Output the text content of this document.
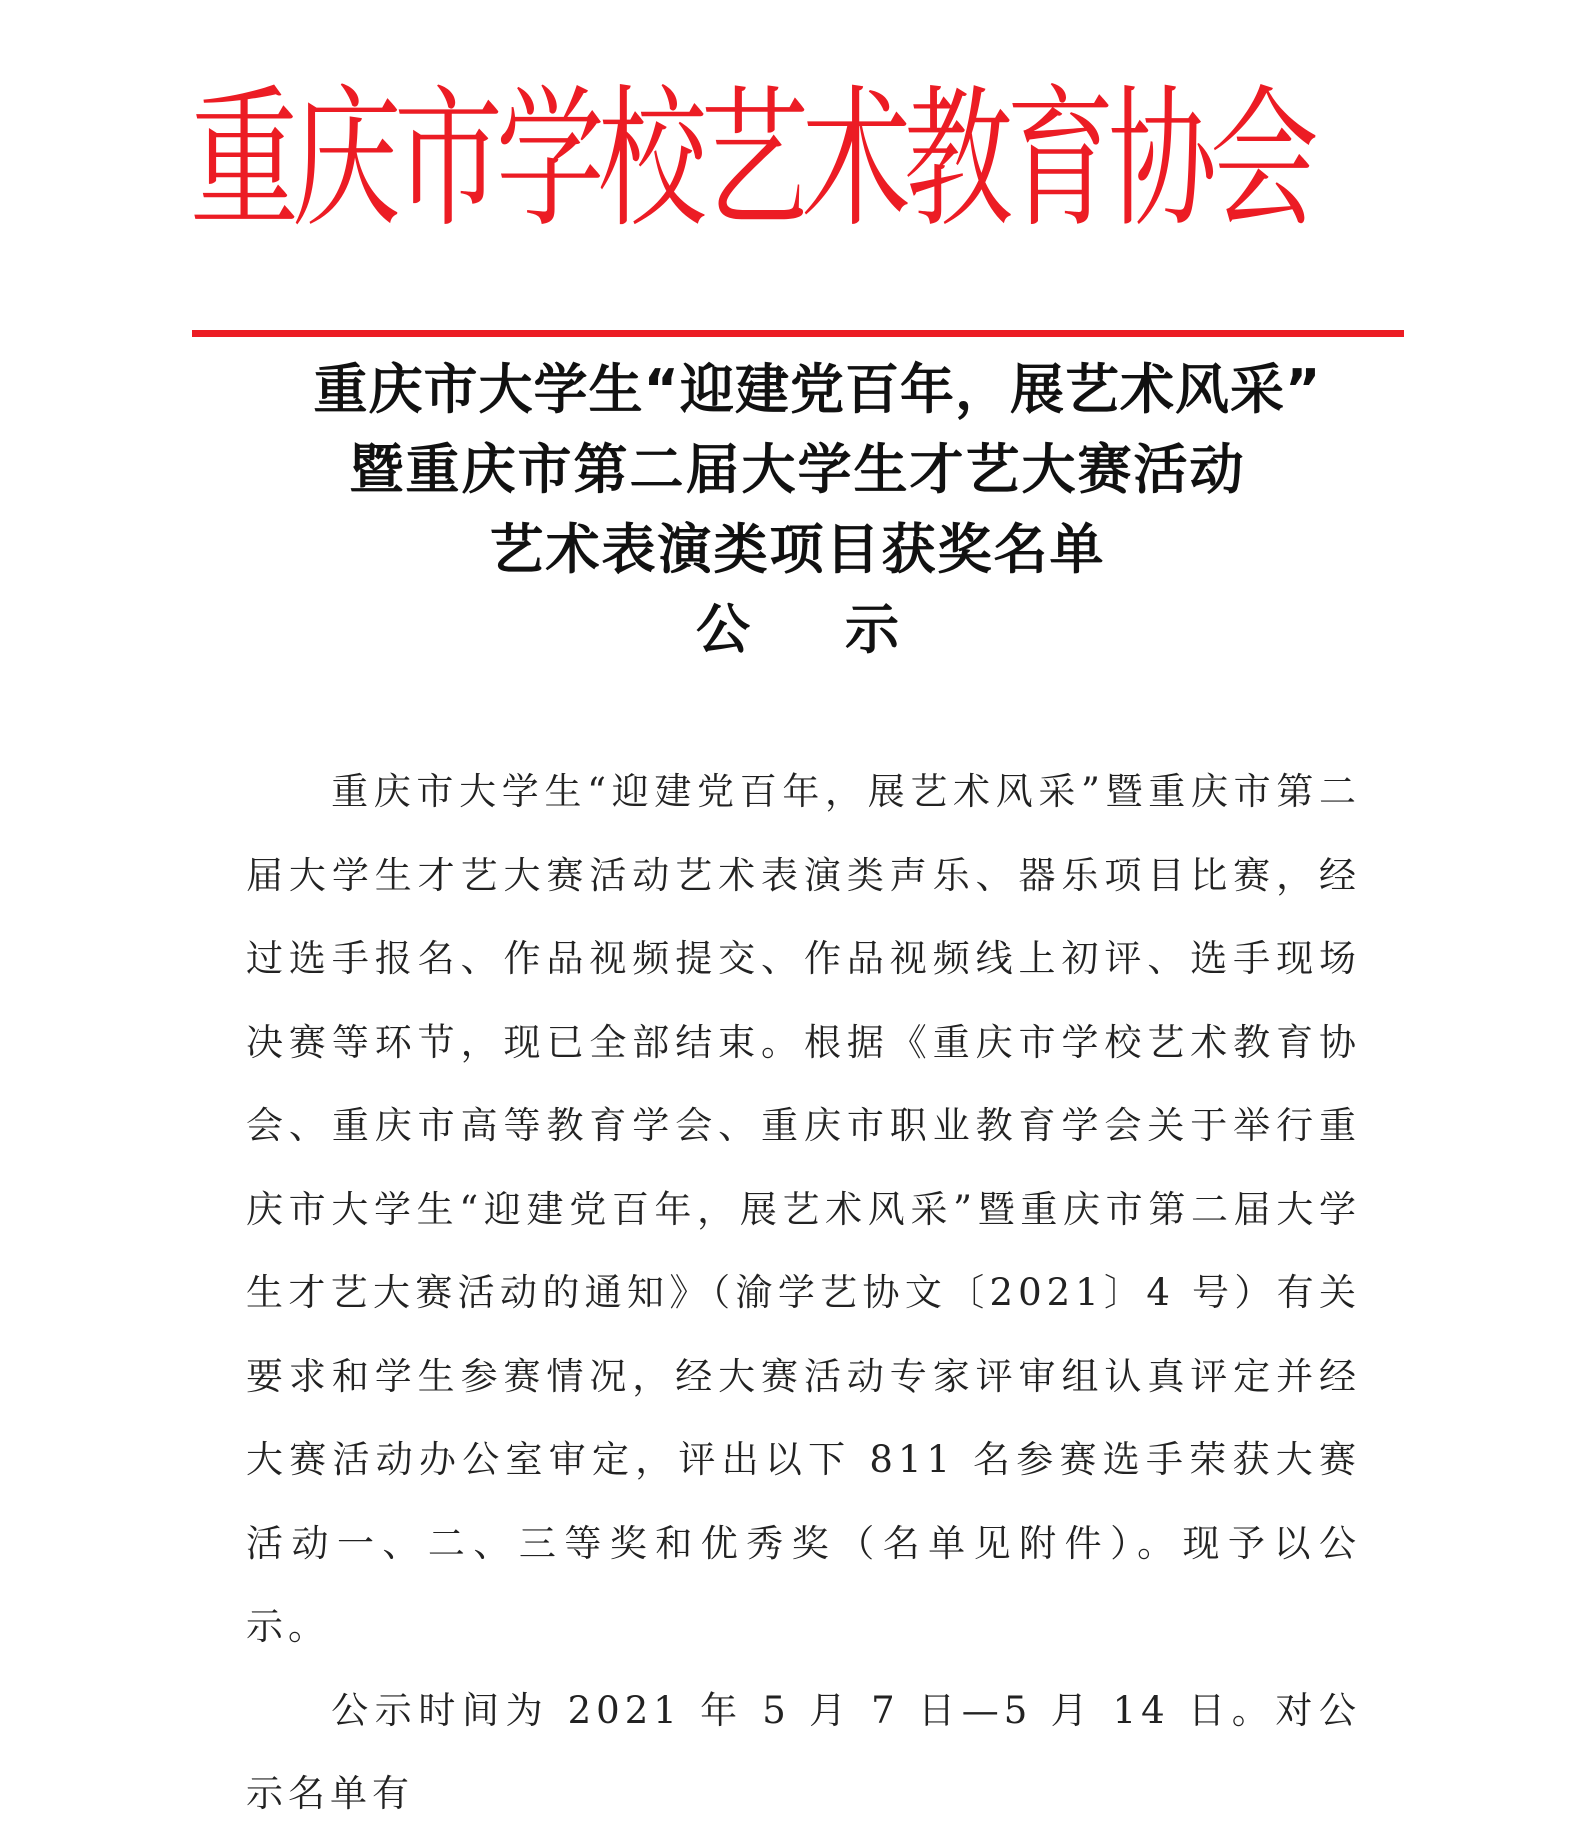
重庆市学校艺术教育协会
重庆市大学生“迎建党百年，展艺术风采”
暨重庆市第二届大学生才艺大赛活动
艺术表演类项目获奖名单
公示

重庆市大学生“迎建党百年，展艺术风采”暨重庆市第二届大学生才艺大赛活动艺术表演类声乐、器乐项目比赛，经过选手报名、作品视频提交、作品视频线上初评、选手现场决赛等环节，现已全部结束。根据《重庆市学校艺术教育协会、重庆市高等教育学会、重庆市职业教育学会关于举行重庆市大学生“迎建党百年，展艺术风采”暨重庆市第二届大学生才艺大赛活动的通知》（渝学艺协文〔2021〕4 号）有关要求和学生参赛情况，经大赛活动专家评审组认真评定并经大赛活动办公室审定，评出以下 811 名参赛选手荣获大赛活动一、二、三等奖和优秀奖（名单见附件）。现予以公示。

公示时间为 2021 年 5 月 7 日—5 月 14 日。对公示名单有
